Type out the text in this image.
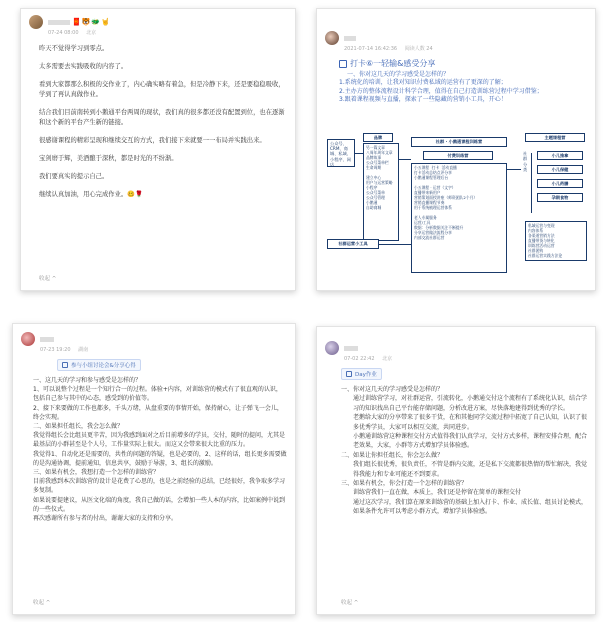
🧧🐯🐲🤘
07-24 08:00 北京

昨天不觉得学习到零点。

太多需要去实践吸收的内容了。

看到大家都那么积极的交作业了，内心确实略有着急，但是冷静下来，还是要稳稳吸收，学到了再认真做作业。

结合我们目前南转到小鹅通平台两周的现状，我们真的很多都还没有配置到位，也在逐渐和这个新的平台产生新的链接。

很感谢课程的精彩呈现和继续交互的方式，我们接下来就要一一布局并实践出来。

宝剑磨于辉，美酒酿于深秋，都是时光的不纷渐。

我们要真实的提示自己。

继续认真加油，用心完成作业。🥴🌹

收起 ^
2021-07-14 16:42:36 阅读人数 24
打卡⑥一轻输&感受分享
一、你对这几天的学习感受是怎样的？
1.系统化的培训，让我对知识付费私域的运营有了更深的了解；
2.主办方的整体流程设计科学合理，值得在自己打造训练营过程中学习借鉴；
3.跟着课程视频与直播，探索了一些隐藏的营销小工具，开心！
公众号、CRM、商城、私域、小程序、网店
品牌
另一篇文章
八周年周年文章
品牌故事
公众号菜单栏
生命周期

建立中心
用户与运营策略
小程序
公众号菜单
公众号管理
小鹅通
自助商城
社群 · 小鹅通课程训练营
付费训练营
小五课程  打卡  活动直播
打卡活动总结点评分享
小鹅通课程管理后台

小五课程 · 运营（文字）
直播带来新用户
营销策划面授讲座（师资团队2个月）
营销直播课程节奏
用于系统梳理运营体系

老人专属服务
运营/工具
数据：分析数据关注不断提升
分享运营做法流程分享
内部交流社群运营
主题课程营
社群分类
小儿推拿
小儿保健
小儿药膳
孕期食物
私域运营与变现
内容体系
各渠道营销方法
直播带货与转化
训练营活动运营
社群团购
社群运营实践方法论
社群运营小工具
07-23 19:20 湖南
参与小组讨论会&分享心得
一、这几天的学习和参与感受是怎样的？
1、可以说整个过程是一个知行合一的过程。体验+内容，对训练营的模式有了很直观的认识，包括自己参与其中的心态，感受到的价值等。
2、接下来要做的工作也都多，千头万绪，从盘重要的事情开始，保持耐心，让子弹飞一会儿，终会实现。
二、如果担任组长，我会怎么做？
我觉得组长会比组员更辛苦，因为我感到面对之后目前增多的学员，交付，随时的提问，尤其是最基层的小群甚至是个人号，工作量实际上很大。而这又会带来很大比重的压力。
我觉得1、自动化还是需要的，共性的问题的答疑，也是必要的，2、这样的话，组长更多需要做的是沟通协调，提前通知，信息共享，鼓励于导游，3、组长的激励。
三、如果有机会，我想打造一个怎样的训练营？
目前我感到本次训练营的设计是花费了心思的，也是之前经验的总结，已经很好，我争取多学习多复制。
如果说要提建议，从医文化端的角度，我自己做的话，会增加一些人本的内容，比如案例中说到的一些仪式。
再次感谢所有参与者的付出，谢谢大家的支持和分享。
收起 ^
07-02 22:42 北京
Day作业
一、你对这几天的学习感受是怎样的？
通过训练营学习，对社群运营，引流转化，小鹅通交付这个流程有了系统化认识，结合学习的知识找出自己平台能存储问题，分析改进方案，尽快落地建得到优秀的学长。
老鹅给大家的分享带来了很多干货，在和其他同学交流过程中拓宽了自己认知，认识了很多优秀学员，大家可以相互交流，共同进步。
小鹅通训练营这种课程交付方式值得我们认真学习，交付方式多样，课程安排合理，配合老效果，大家，小群等方式增加学员体验感。
二、如果让你担任组长，你会怎么做？
我们组长很优秀，很负责任，不管是群内交流，还是私下交流都很热情的帮忙解决，我觉得我能力和专业可能还不到要求。
三、如果有机会，你会打造一个怎样的训练营？
训练营我们一直在做，本质上，我们还是停留在简单的课程交付
通过这次学习，我们算在原来训练营的基础上加入打卡、作业、成长值、组员讨论模式，如果条件允许可以考虑小群方式，增加学员体验感。
收起 ^
